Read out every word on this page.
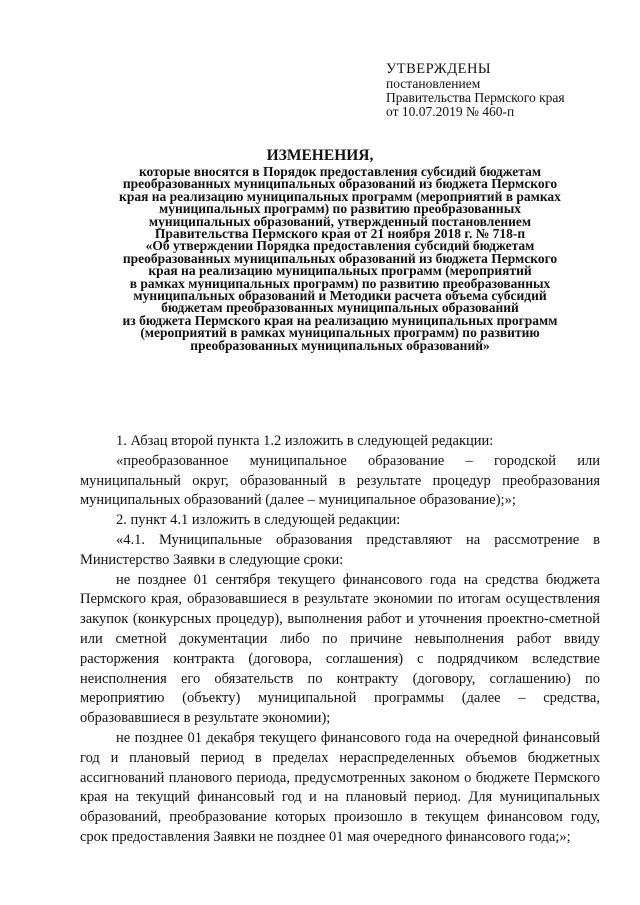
УТВЕРЖДЕНЫ
постановлением
Правительства Пермского края
от 10.07.2019 № 460-п
ИЗМЕНЕНИЯ,
которые вносятся в Порядок предоставления субсидий бюджетам
преобразованных муниципальных образований из бюджета Пермского
края на реализацию муниципальных программ (мероприятий в рамках
муниципальных программ) по развитию преобразованных
муниципальных образований, утвержденный постановлением
Правительства Пермского края от 21 ноября 2018 г. № 718-п
«Об утверждении Порядка предоставления субсидий бюджетам
преобразованных муниципальных образований из бюджета Пермского
края на реализацию муниципальных программ (мероприятий
в рамках муниципальных программ) по развитию преобразованных
муниципальных образований и Методики расчета объема субсидий
бюджетам преобразованных муниципальных образований
из бюджета Пермского края на реализацию муниципальных программ
(мероприятий в рамках муниципальных программ) по развитию
преобразованных муниципальных образований»

1. Абзац второй пункта 1.2 изложить в следующей редакции:

«преобразованное муниципальное образование – городской или муниципальный округ, образованный в результате процедур преобразования муниципальных образований (далее – муниципальное образование);»;

2. пункт 4.1 изложить в следующей редакции:

«4.1. Муниципальные образования представляют на рассмотрение в Министерство Заявки в следующие сроки:

не позднее 01 сентября текущего финансового года на средства бюджета Пермского края, образовавшиеся в результате экономии по итогам осуществления закупок (конкурсных процедур), выполнения работ и уточнения проектно-сметной или сметной документации либо по причине невыполнения работ ввиду расторжения контракта (договора, соглашения) с подрядчиком вследствие неисполнения его обязательств по контракту (договору, соглашению) по мероприятию (объекту) муниципальной программы (далее – средства, образовавшиеся в результате экономии);

не позднее 01 декабря текущего финансового года на очередной финансовый год и плановый период в пределах нераспределенных объемов бюджетных ассигнований планового периода, предусмотренных законом о бюджете Пермского края на текущий финансовый год и на плановый период. Для муниципальных образований, преобразование которых произошло в текущем финансовом году, срок предоставления Заявки не позднее 01 мая очередного финансового года;»;
